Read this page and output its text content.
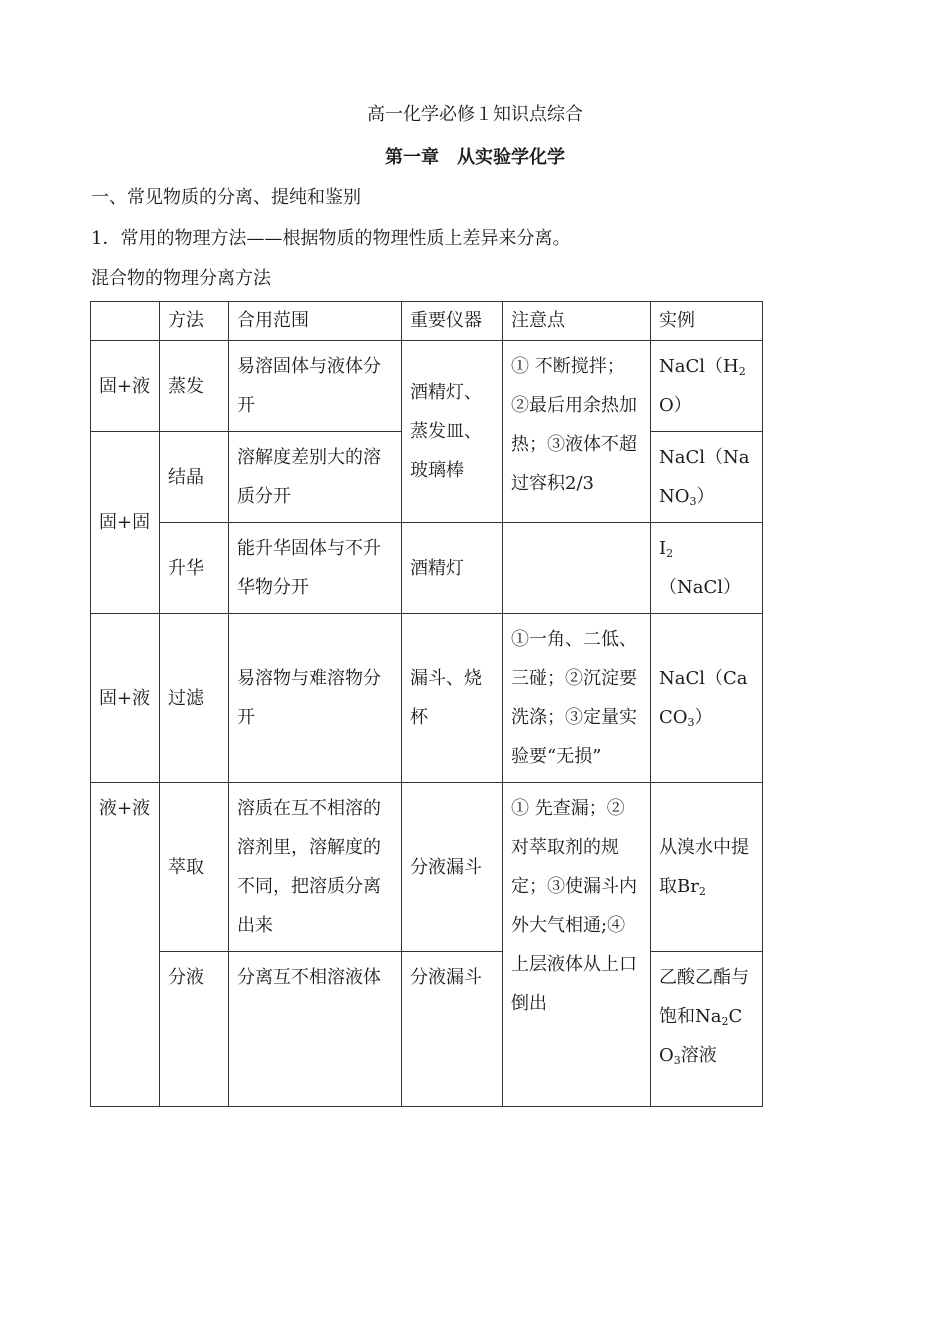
高一化学必修１知识点综合
第一章　从实验学化学
一、常见物质的分离、提纯和鉴别
1．常用的物理方法——根据物质的物理性质上差异来分离。
混合物的物理分离方法
	方法	合用范围	重要仪器	注意点	实例
固+液	蒸发	易溶固体与液体分开	酒精灯、蒸发皿、玻璃棒	① 不断搅拌；②最后用余热加热；③液体不超过容积2/3	$NaCl(H_2O)$
固+固	结晶	溶解度差别大的溶质分开			NaCl（NaNO$_3$）
	升华	能升华固体与不升华物分开	酒精灯		$I_2(NaCl)$
固+液	过滤	易溶物与难溶物分开	漏斗、烧杯	①一角、二低、三碰；②沉淀要洗涤；③定量实验要“无损”	NaCl（CaCO$_3$）
液+液	萃取	溶质在互不相溶的溶剂里，溶解度的不同，把溶质分离出来	分液漏斗	① 先查漏；②对萃取剂的规定；③使漏斗内外大气相通;④ 上层液体从上口倒出	从溴水中提取$Br_2$
	分液	分离互不相溶液体	分液漏斗		乙酸乙酯与饱和$Na_2CO_3$溶液
